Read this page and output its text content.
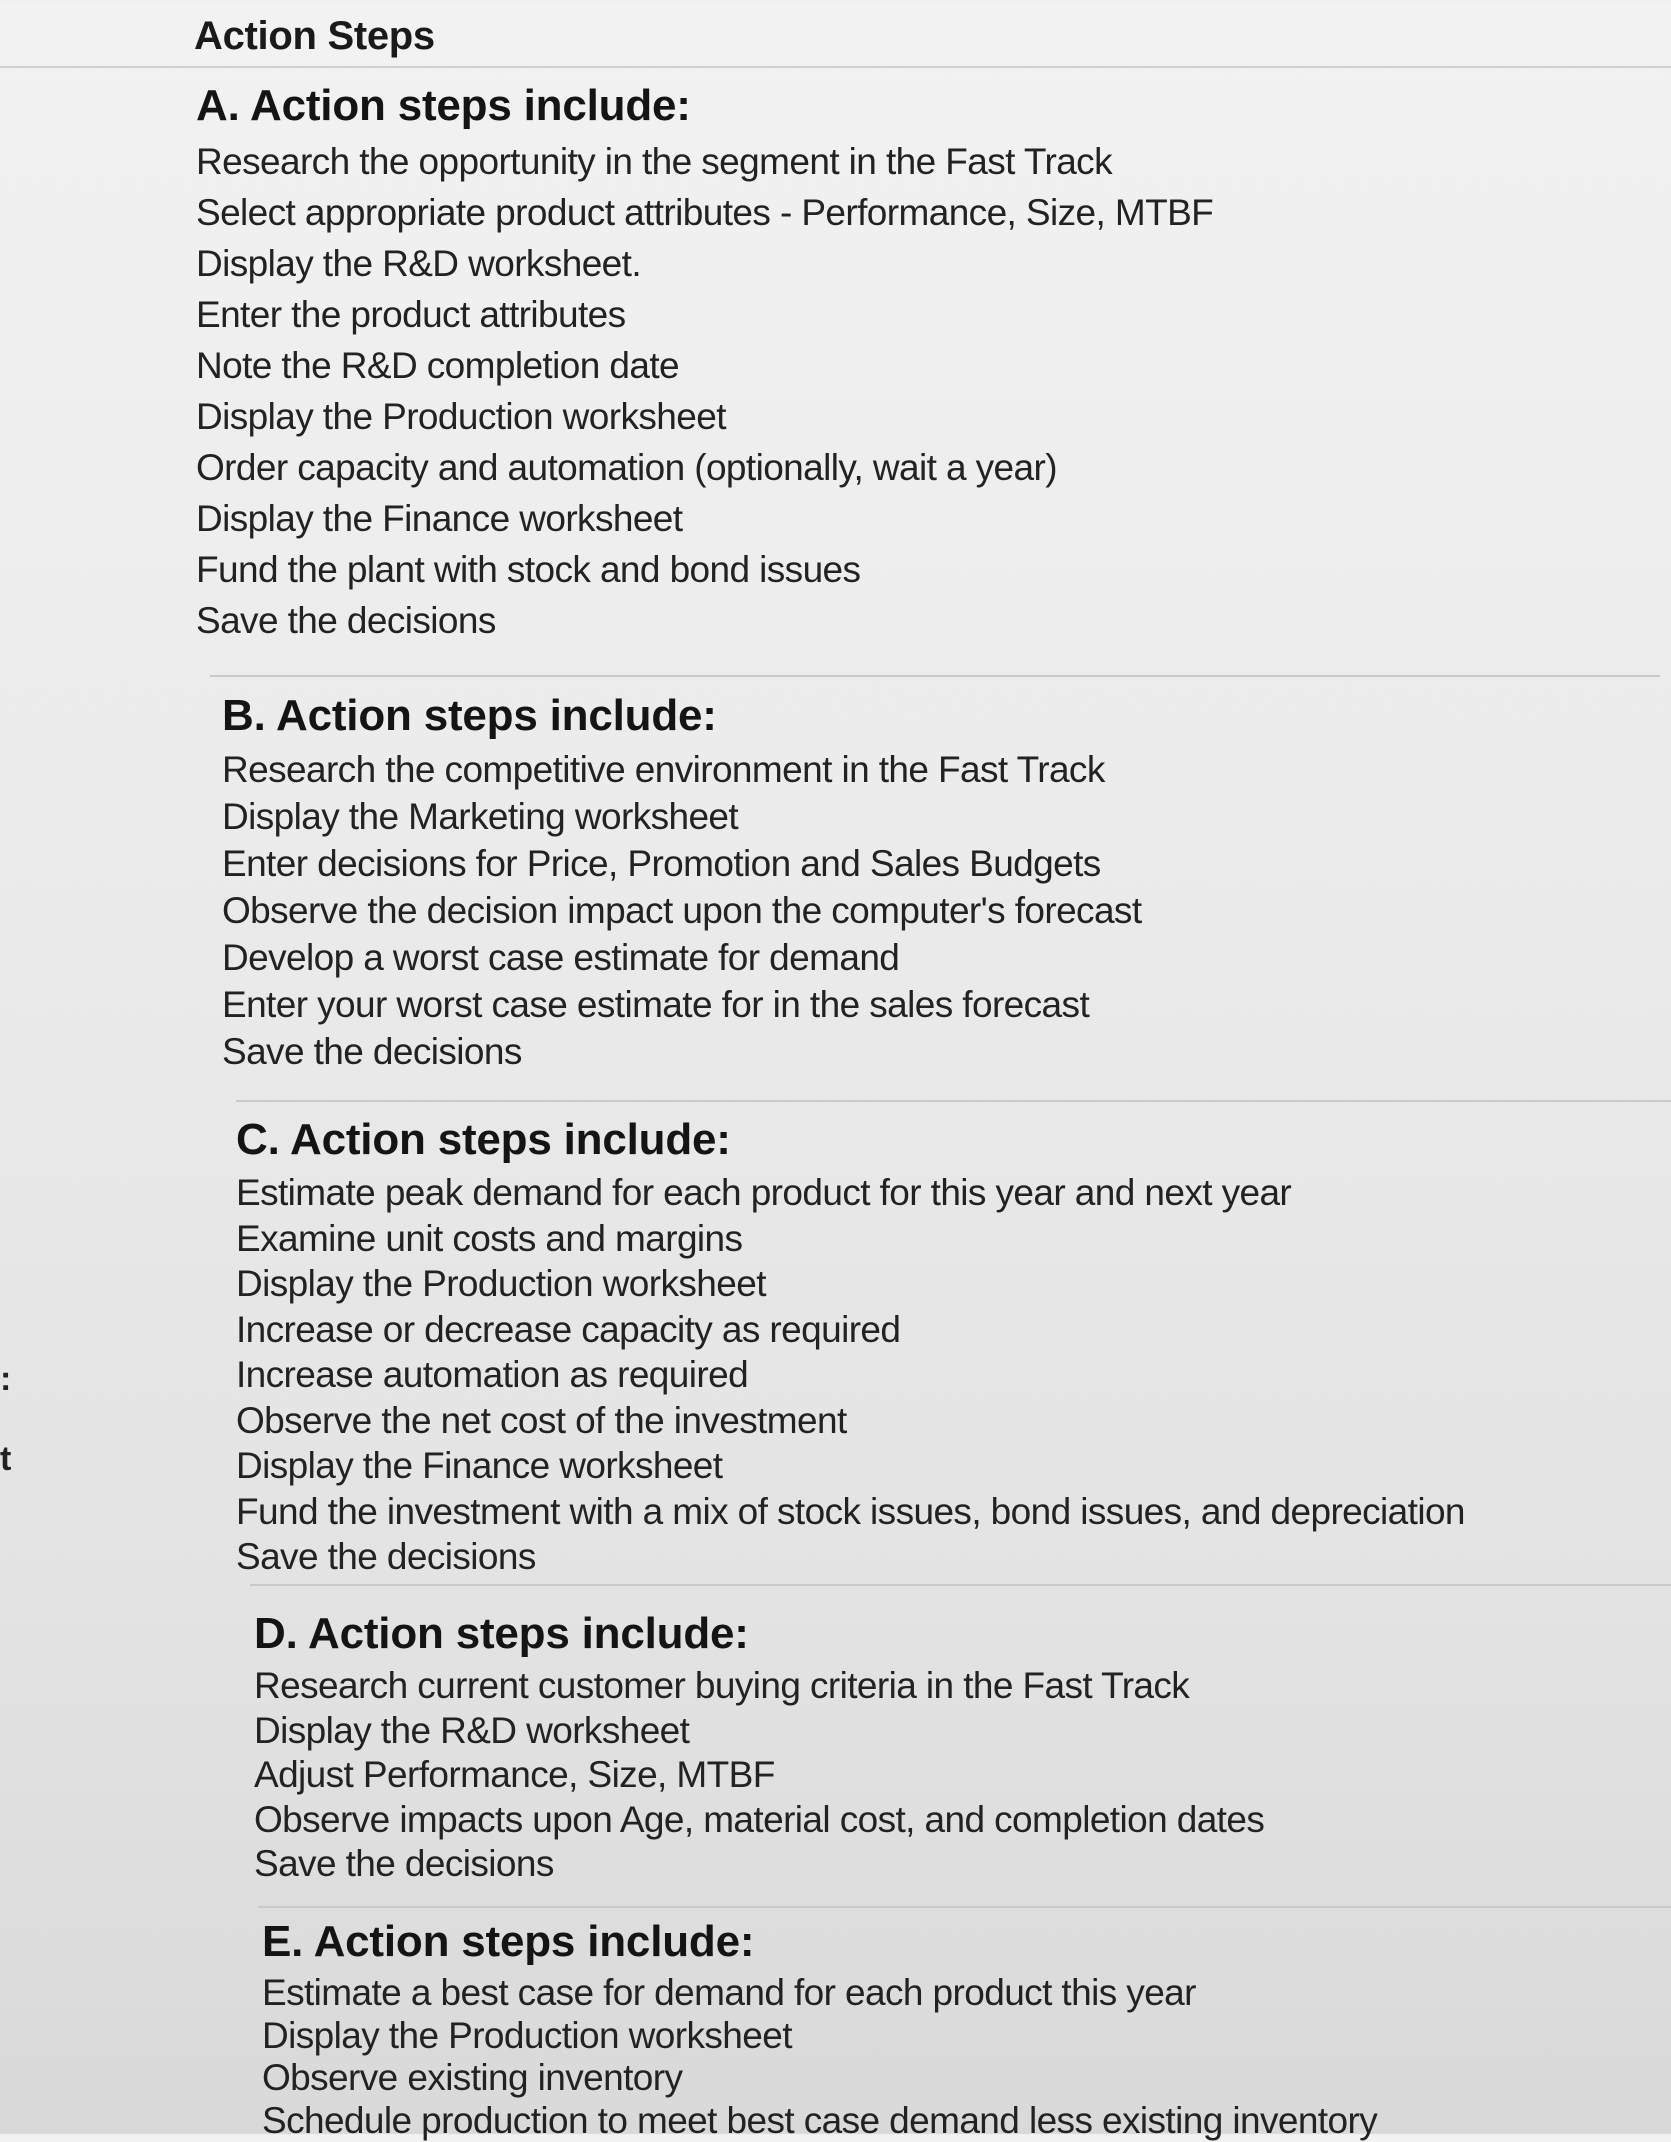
Action Steps
A. Action steps include:
Research the opportunity in the segment in the Fast Track
Select appropriate product attributes - Performance, Size, MTBF
Display the R&D worksheet.
Enter the product attributes
Note the R&D completion date
Display the Production worksheet
Order capacity and automation (optionally, wait a year)
Display the Finance worksheet
Fund the plant with stock and bond issues
Save the decisions
B. Action steps include:
Research the competitive environment in the Fast Track
Display the Marketing worksheet
Enter decisions for Price, Promotion and Sales Budgets
Observe the decision impact upon the computer's forecast
Develop a worst case estimate for demand
Enter your worst case estimate for in the sales forecast
Save the decisions
C. Action steps include:
Estimate peak demand for each product for this year and next year
Examine unit costs and margins
Display the Production worksheet
Increase or decrease capacity as required
Increase automation as required
Observe the net cost of the investment
Display the Finance worksheet
Fund the investment with a mix of stock issues, bond issues, and depreciation
Save the decisions
D. Action steps include:
Research current customer buying criteria in the Fast Track
Display the R&D worksheet
Adjust Performance, Size, MTBF
Observe impacts upon Age, material cost, and completion dates
Save the decisions
E. Action steps include:
Estimate a best case for demand for each product this year
Display the Production worksheet
Observe existing inventory
Schedule production to meet best case demand less existing inventory
:
t
